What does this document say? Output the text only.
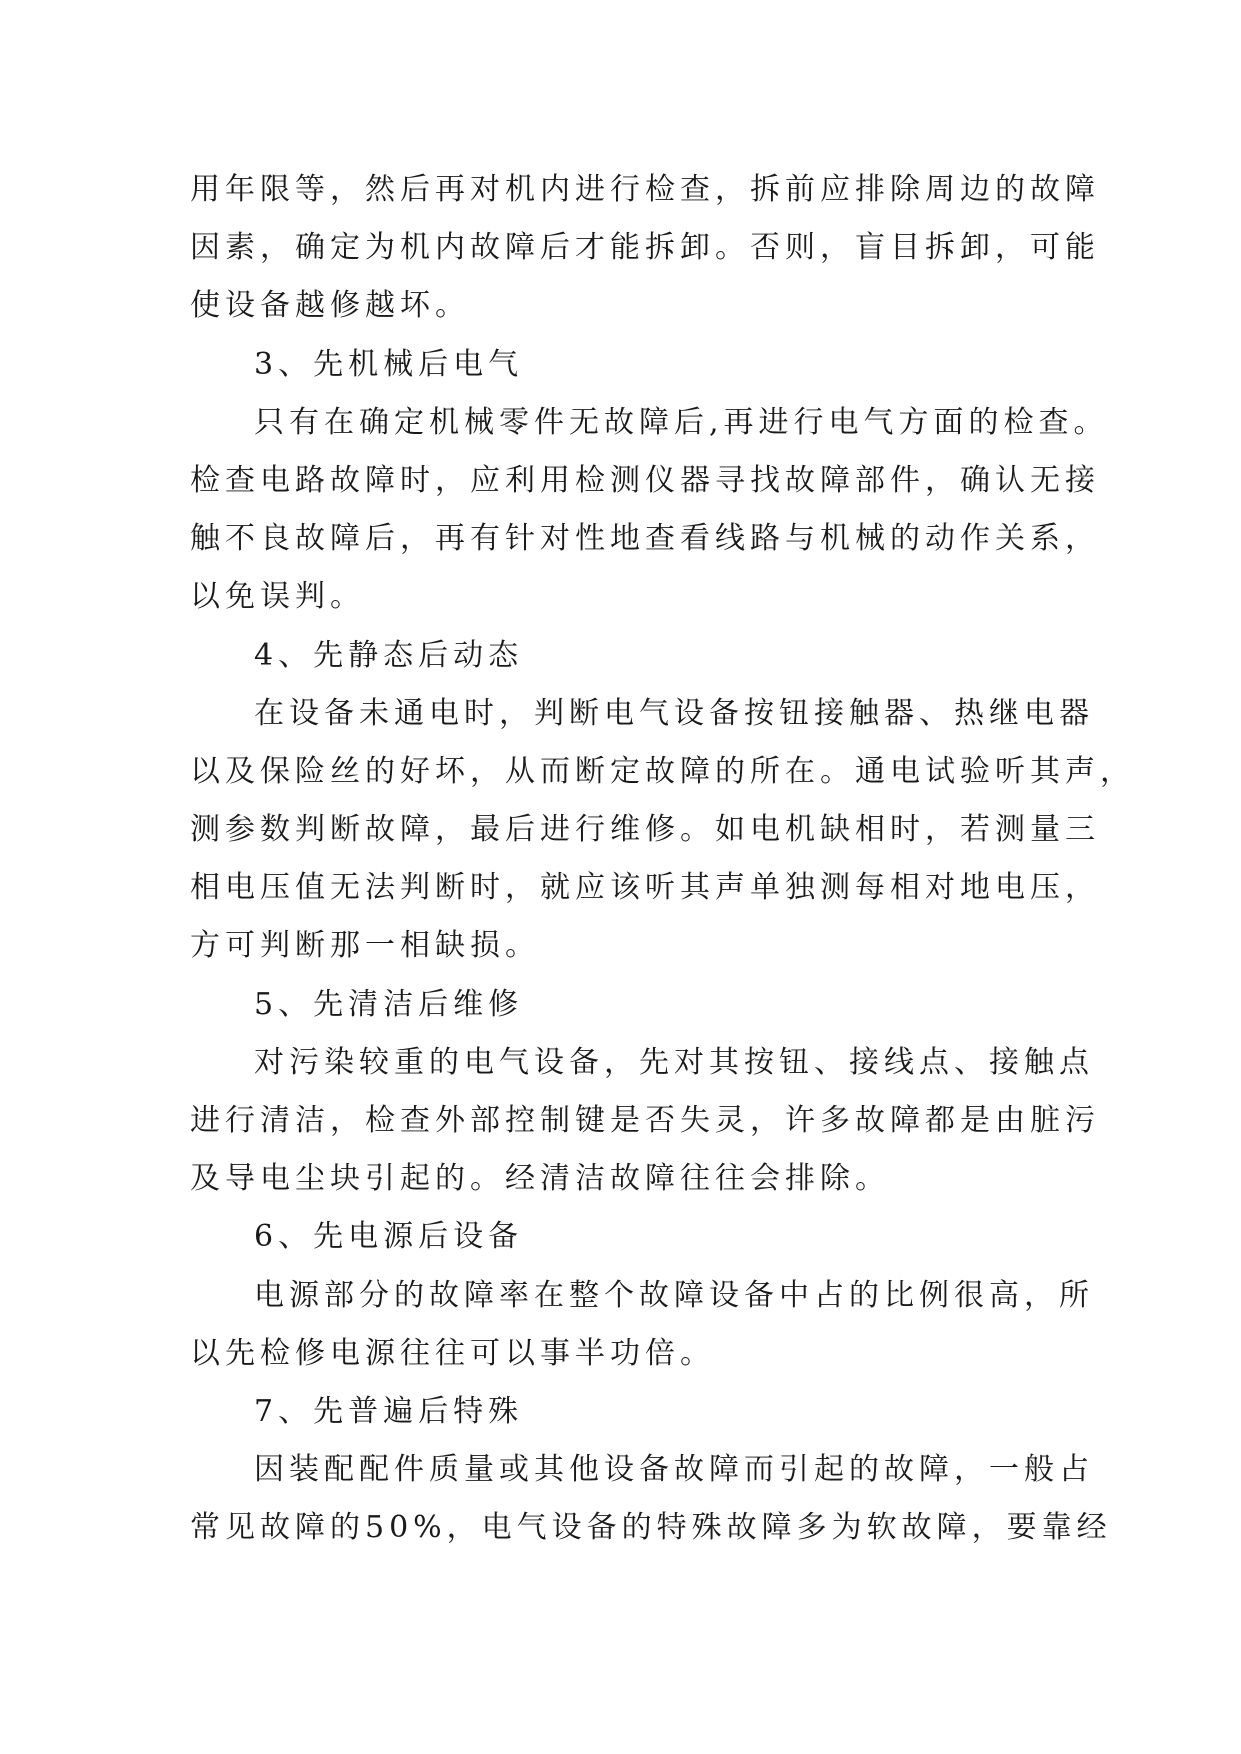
用年限等，然后再对机内进行检查，拆前应排除周边的故障
因素，确定为机内故障后才能拆卸。否则，盲目拆卸，可能
使设备越修越坏。
3、先机械后电气
只有在确定机械零件无故障后,再进行电气方面的检查。
检查电路故障时，应利用检测仪器寻找故障部件，确认无接
触不良故障后，再有针对性地查看线路与机械的动作关系，
以免误判。
4、先静态后动态
在设备未通电时，判断电气设备按钮接触器、热继电器
以及保险丝的好坏，从而断定故障的所在。通电试验听其声，
测参数判断故障，最后进行维修。如电机缺相时，若测量三
相电压值无法判断时，就应该听其声单独测每相对地电压，
方可判断那一相缺损。
5、先清洁后维修
对污染较重的电气设备，先对其按钮、接线点、接触点
进行清洁，检查外部控制键是否失灵，许多故障都是由脏污
及导电尘块引起的。经清洁故障往往会排除。
6、先电源后设备
电源部分的故障率在整个故障设备中占的比例很高，所
以先检修电源往往可以事半功倍。
7、先普遍后特殊
因装配配件质量或其他设备故障而引起的故障，一般占
常见故障的50%，电气设备的特殊故障多为软故障，要靠经
